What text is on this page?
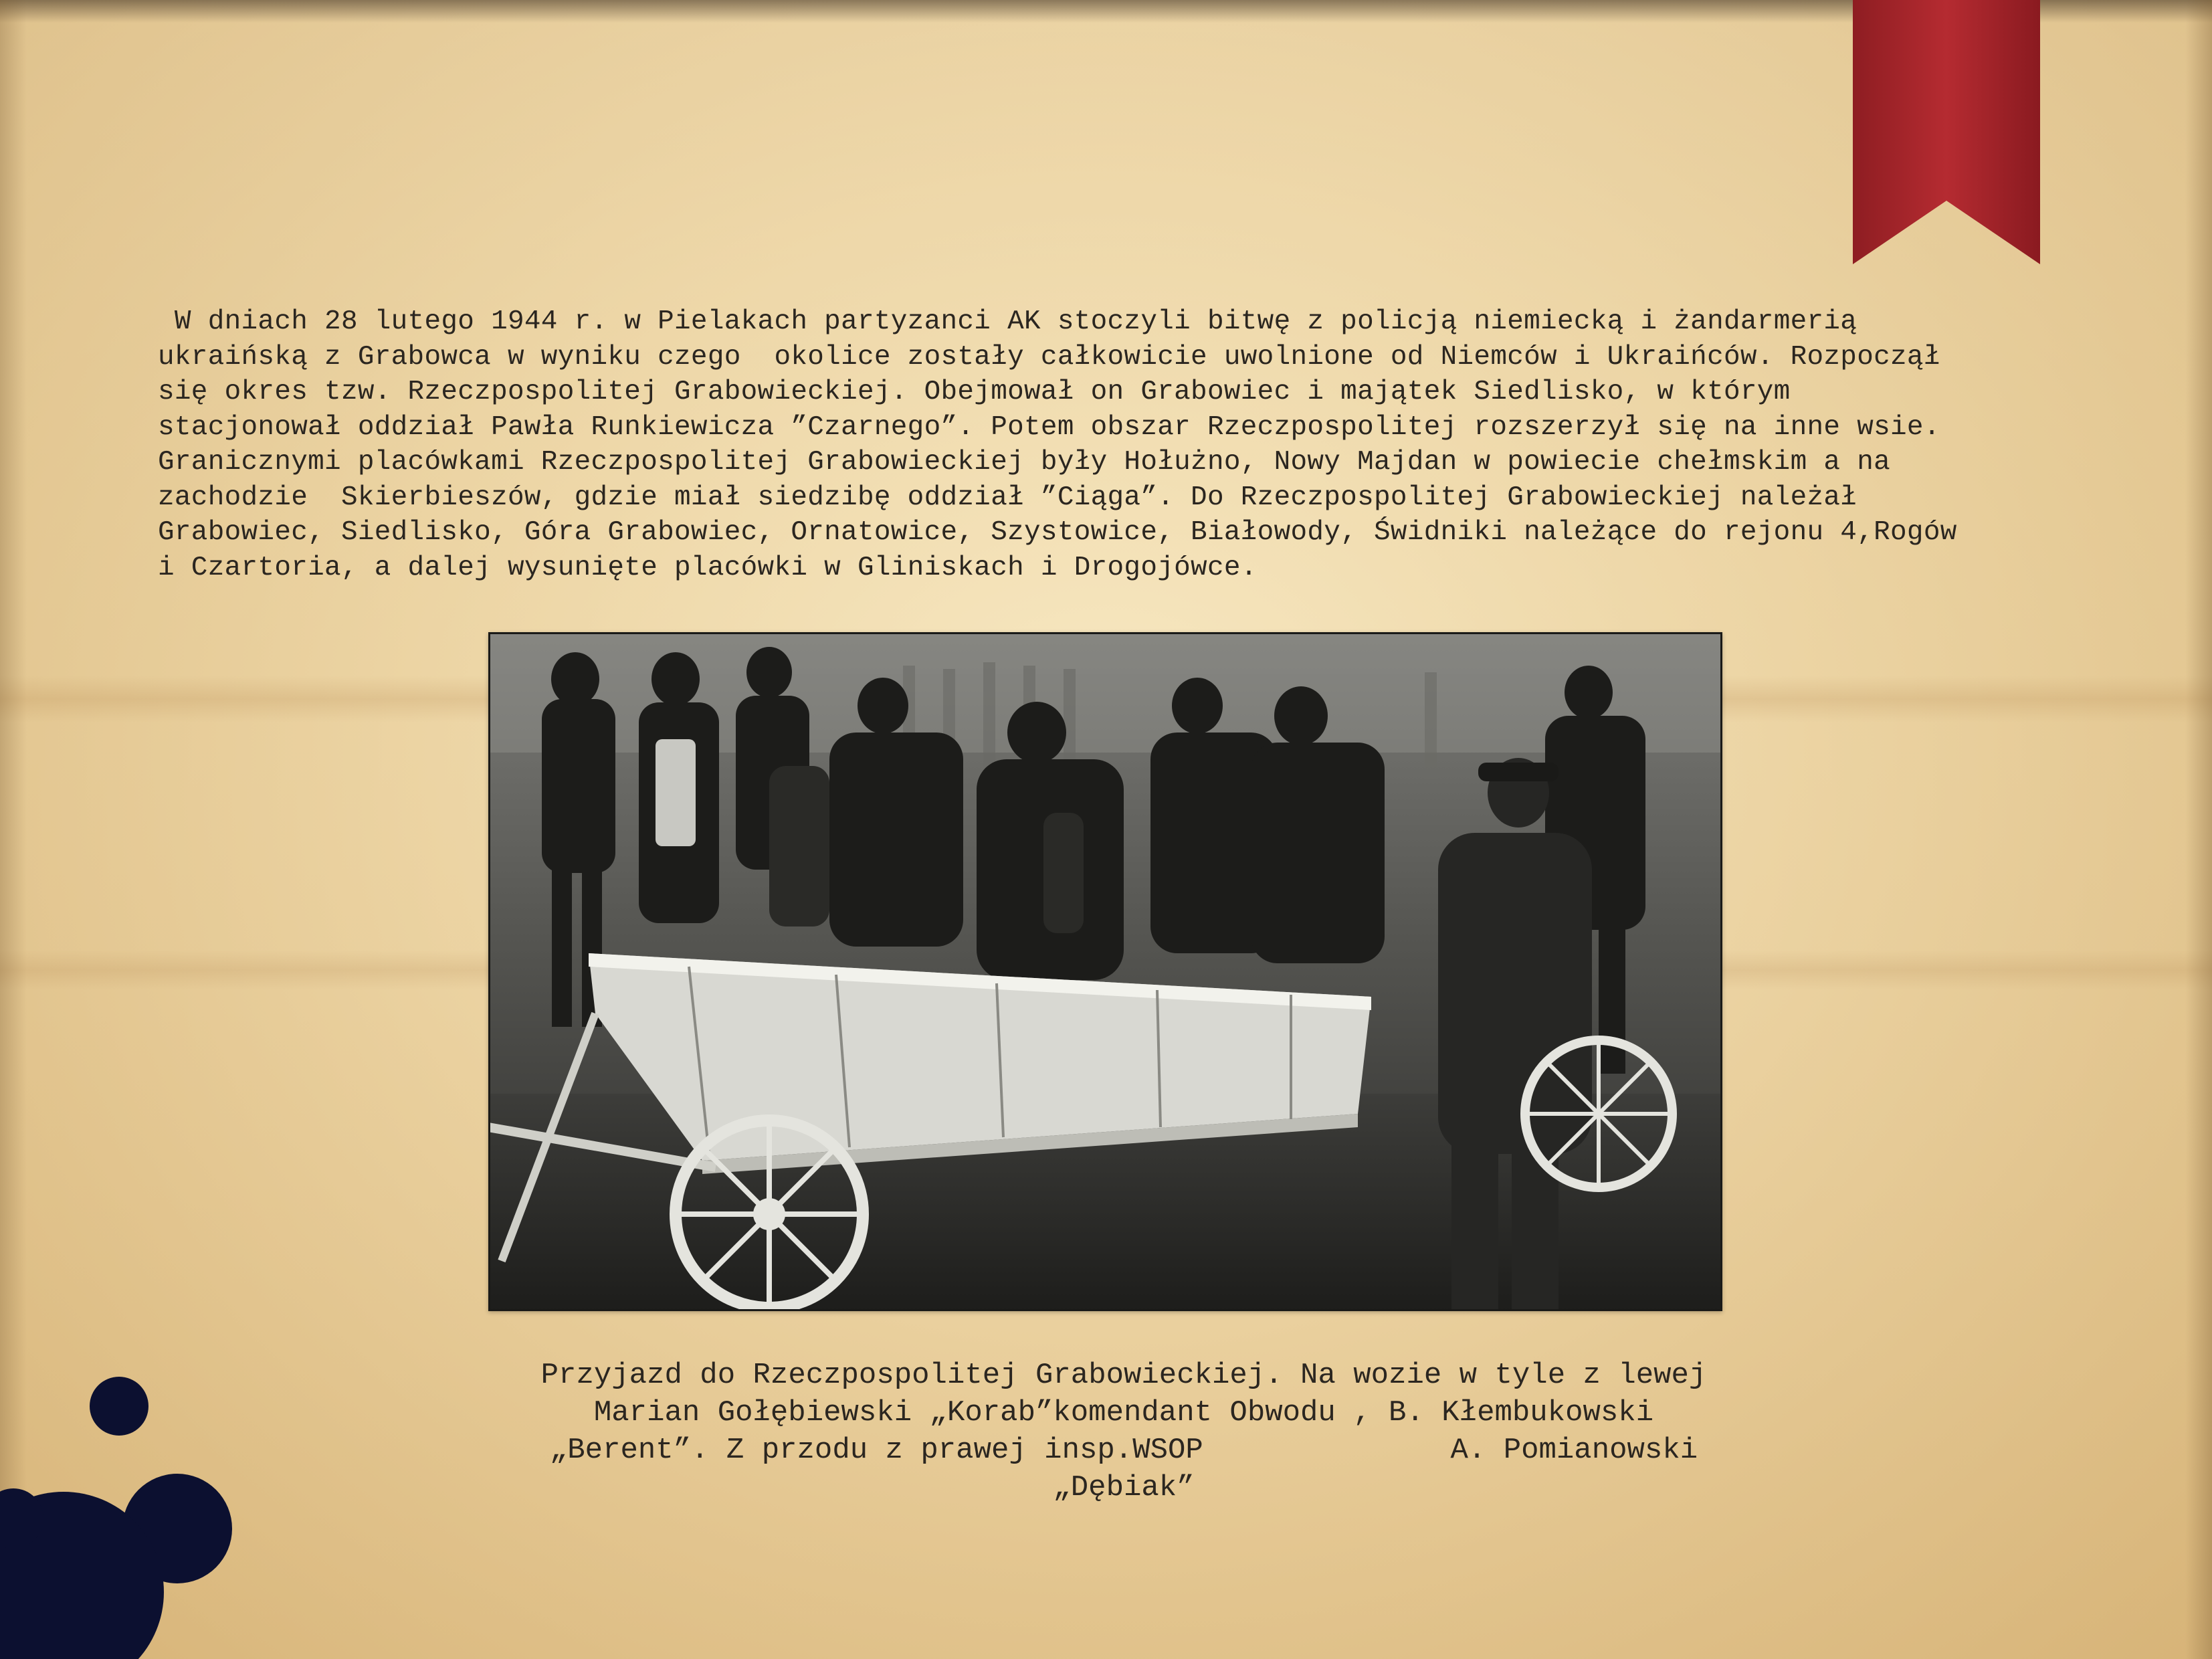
W dniach 28 lutego 1944 r. w Pielakach partyzanci AK stoczyli bitwę z policją niemiecką i żandarmerią
ukraińską z Grabowca w wyniku czego  okolice zostały całkowicie uwolnione od Niemców i Ukraińców. Rozpoczął
się okres tzw. Rzeczpospolitej Grabowieckiej. Obejmował on Grabowiec i majątek Siedlisko, w którym
stacjonował oddział Pawła Runkiewicza ”Czarnego”. Potem obszar Rzeczpospolitej rozszerzył się na inne wsie.
Granicznymi placówkami Rzeczpospolitej Grabowieckiej były Hołużno, Nowy Majdan w powiecie chełmskim a na
zachodzie  Skierbieszów, gdzie miał siedzibę oddział ”Ciąga”. Do Rzeczpospolitej Grabowieckiej należał
Grabowiec, Siedlisko, Góra Grabowiec, Ornatowice, Szystowice, Białowody, Świdniki należące do rejonu 4,Rogów
i Czartoria, a dalej wysunięte placówki w Gliniskach i Drogojówce.

Przyjazd do Rzeczpospolitej Grabowieckiej. Na wozie w tyle z lewej
Marian Gołębiewski „Korab”komendant Obwodu , B. Kłembukowski
„Berent”. Z przodu z prawej insp.WSOP              A. Pomianowski
„Dębiak”
